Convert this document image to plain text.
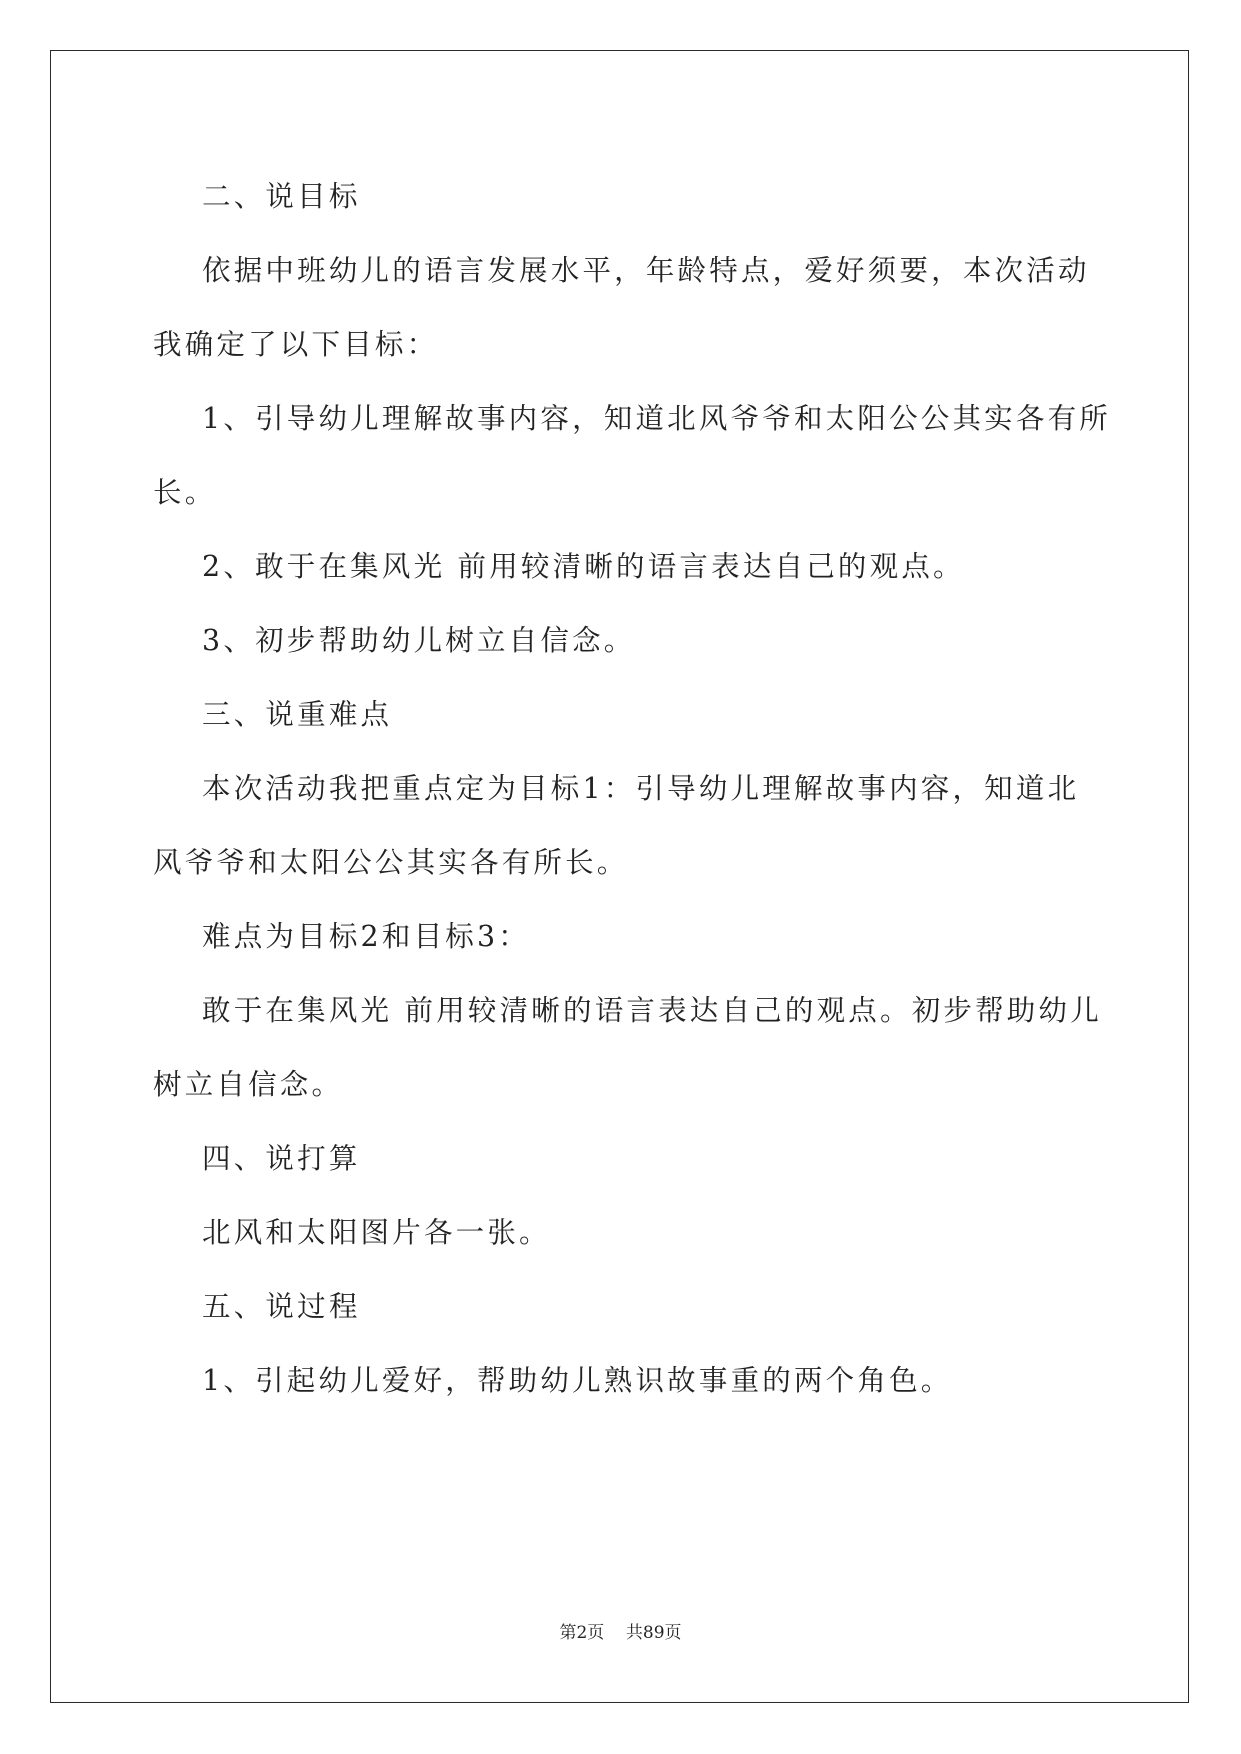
二、说目标

依据中班幼儿的语言发展水平，年龄特点，爱好须要，本次活动

我确定了以下目标：

1、引导幼儿理解故事内容，知道北风爷爷和太阳公公其实各有所

长。

2、敢于在集风光 前用较清晰的语言表达自己的观点。

3、初步帮助幼儿树立自信念。

三、说重难点

本次活动我把重点定为目标1：引导幼儿理解故事内容，知道北

风爷爷和太阳公公其实各有所长。

难点为目标2和目标3：

敢于在集风光 前用较清晰的语言表达自己的观点。初步帮助幼儿

树立自信念。

四、说打算

北风和太阳图片各一张。

五、说过程

1、引起幼儿爱好，帮助幼儿熟识故事重的两个角色。

第2页    共89页
